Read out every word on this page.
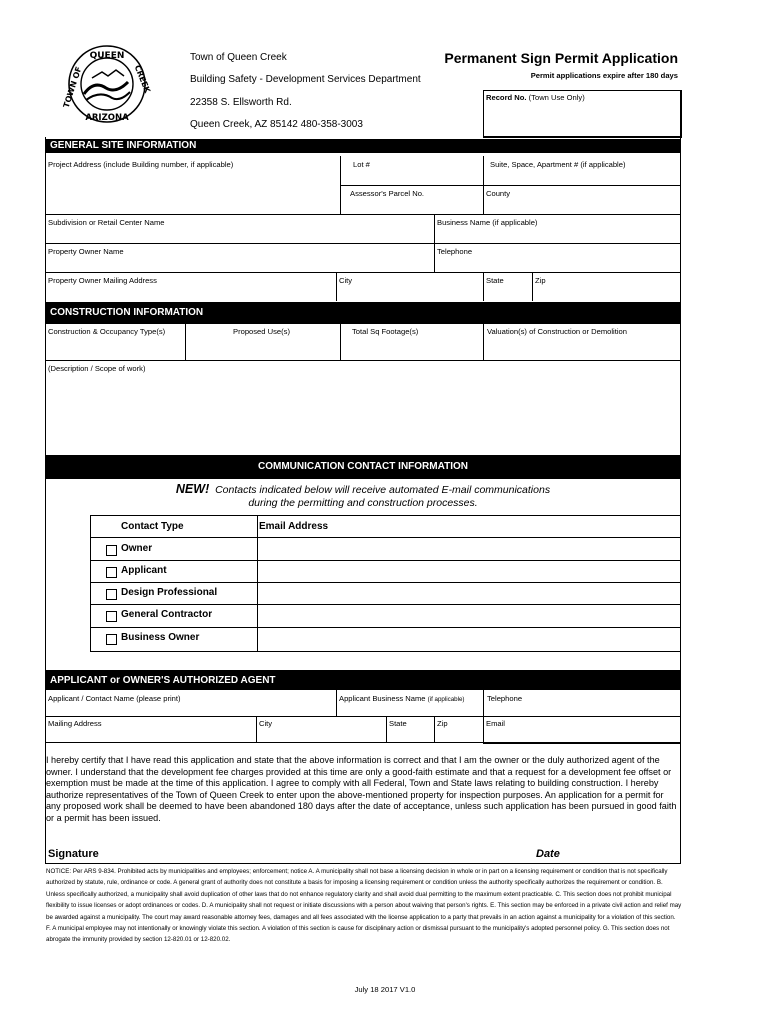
QUEEN
TOWN OF	CREEK
ARIZONA
Town of Queen Creek
Building Safety - Development Services Department
22358 S. Ellsworth Rd.
Queen Creek, AZ 85142 480-358-3003
Permanent Sign Permit Application
Permit applications expire after 180 days
Record No. (Town Use Only)
GENERAL SITE INFORMATION
Project Address (include Building number, if applicable)	Lot #	Suite, Space, Apartment # (if applicable)
Assessor's Parcel No.	County
Subdivision or Retail Center Name	Business Name (if applicable)
Property Owner Name	Telephone
Property Owner Mailing Address	City	State	Zip
CONSTRUCTION INFORMATION
Construction & Occupancy Type(s)	Proposed Use(s)	Total Sq Footage(s)	Valuation(s) of Construction or Demolition
(Description / Scope of work)
COMMUNICATION CONTACT INFORMATION
NEW! Contacts indicated below will receive automated E-mail communications
during the permitting and construction processes.
Contact Type	Email Address
Owner
Applicant
Design Professional
General Contractor
Business Owner
APPLICANT or OWNER'S AUTHORIZED AGENT
Applicant / Contact Name (please print)	Applicant Business Name (if applicable)	Telephone
Mailing Address	City	State	Zip	Email
I hereby certify that I have read this application and state that the above information is correct and that I am the owner or the duly authorized agent of the owner. I understand that the development fee charges provided at this time are only a good-faith estimate and that a request for a development fee offset or exemption must be made at the time of this application. I agree to comply with all Federal, Town and State laws relating to building construction. I hereby authorize representatives of the Town of Queen Creek to enter upon the above-mentioned property for inspection purposes. An application for a permit for any proposed work shall be deemed to have been abandoned 180 days after the date of acceptance, unless such application has been pursued in good faith or a permit has been issued.
Signature	Date
NOTICE: Per ARS 9-834. Prohibited acts by municipalities and employees; enforcement; notice A. A municipality shall not base a licensing decision in whole or in part on a licensing requirement or condition that is not specifically authorized by statute, rule, ordinance or code. A general grant of authority does not constitute a basis for imposing a licensing requirement or condition unless the authority specifically authorizes the requirement or condition. B. Unless specifically authorized, a municipality shall avoid duplication of other laws that do not enhance regulatory clarity and shall avoid dual permitting to the maximum extent practicable. C. This section does not prohibit municipal flexibility to issue licenses or adopt ordinances or codes. D. A municipality shall not request or initiate discussions with a person about waiving that person's rights. E. This section may be enforced in a private civil action and relief may be awarded against a municipality. The court may award reasonable attorney fees, damages and all fees associated with the license application to a party that prevails in an action against a municipality for a violation of this section. F. A municipal employee may not intentionally or knowingly violate this section. A violation of this section is cause for disciplinary action or dismissal pursuant to the municipality's adopted personnel policy. G. This section does not abrogate the immunity provided by section 12-820.01 or 12-820.02.
July 18 2017 V1.0
